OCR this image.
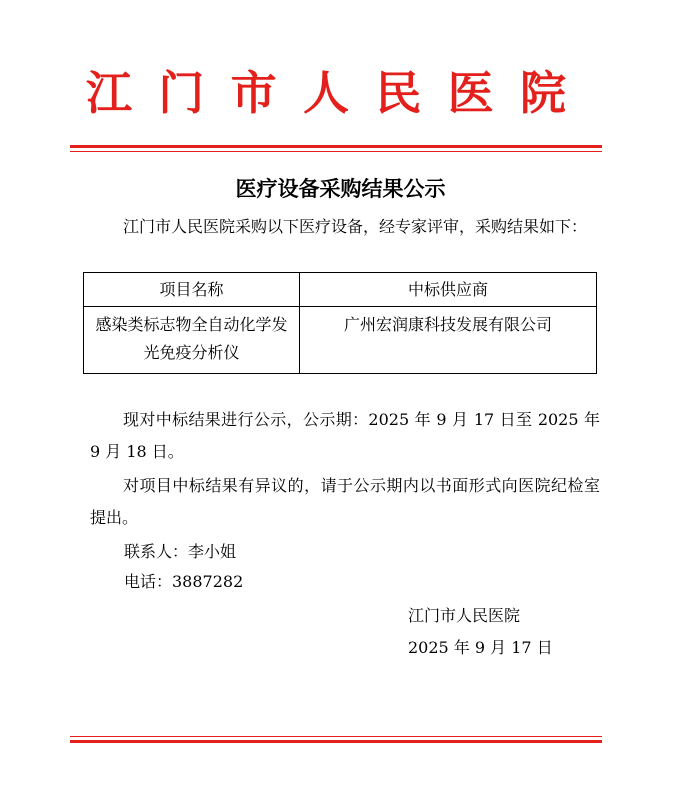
江 门 市 人 民 医 院
医疗设备采购结果公示
江门市人民医院采购以下医疗设备，经专家评审，采购结果如下：
项目名称	中标供应商
感染类标志物全自动化学发光免疫分析仪	广州宏润康科技发展有限公司
现对中标结果进行公示，公示期：2025 年 9 月 17 日至 2025 年 9 月 18 日。
对项目中标结果有异议的，请于公示期内以书面形式向医院纪检室提出。
联系人：李小姐
电话：3887282
江门市人民医院
2025 年 9 月 17 日
